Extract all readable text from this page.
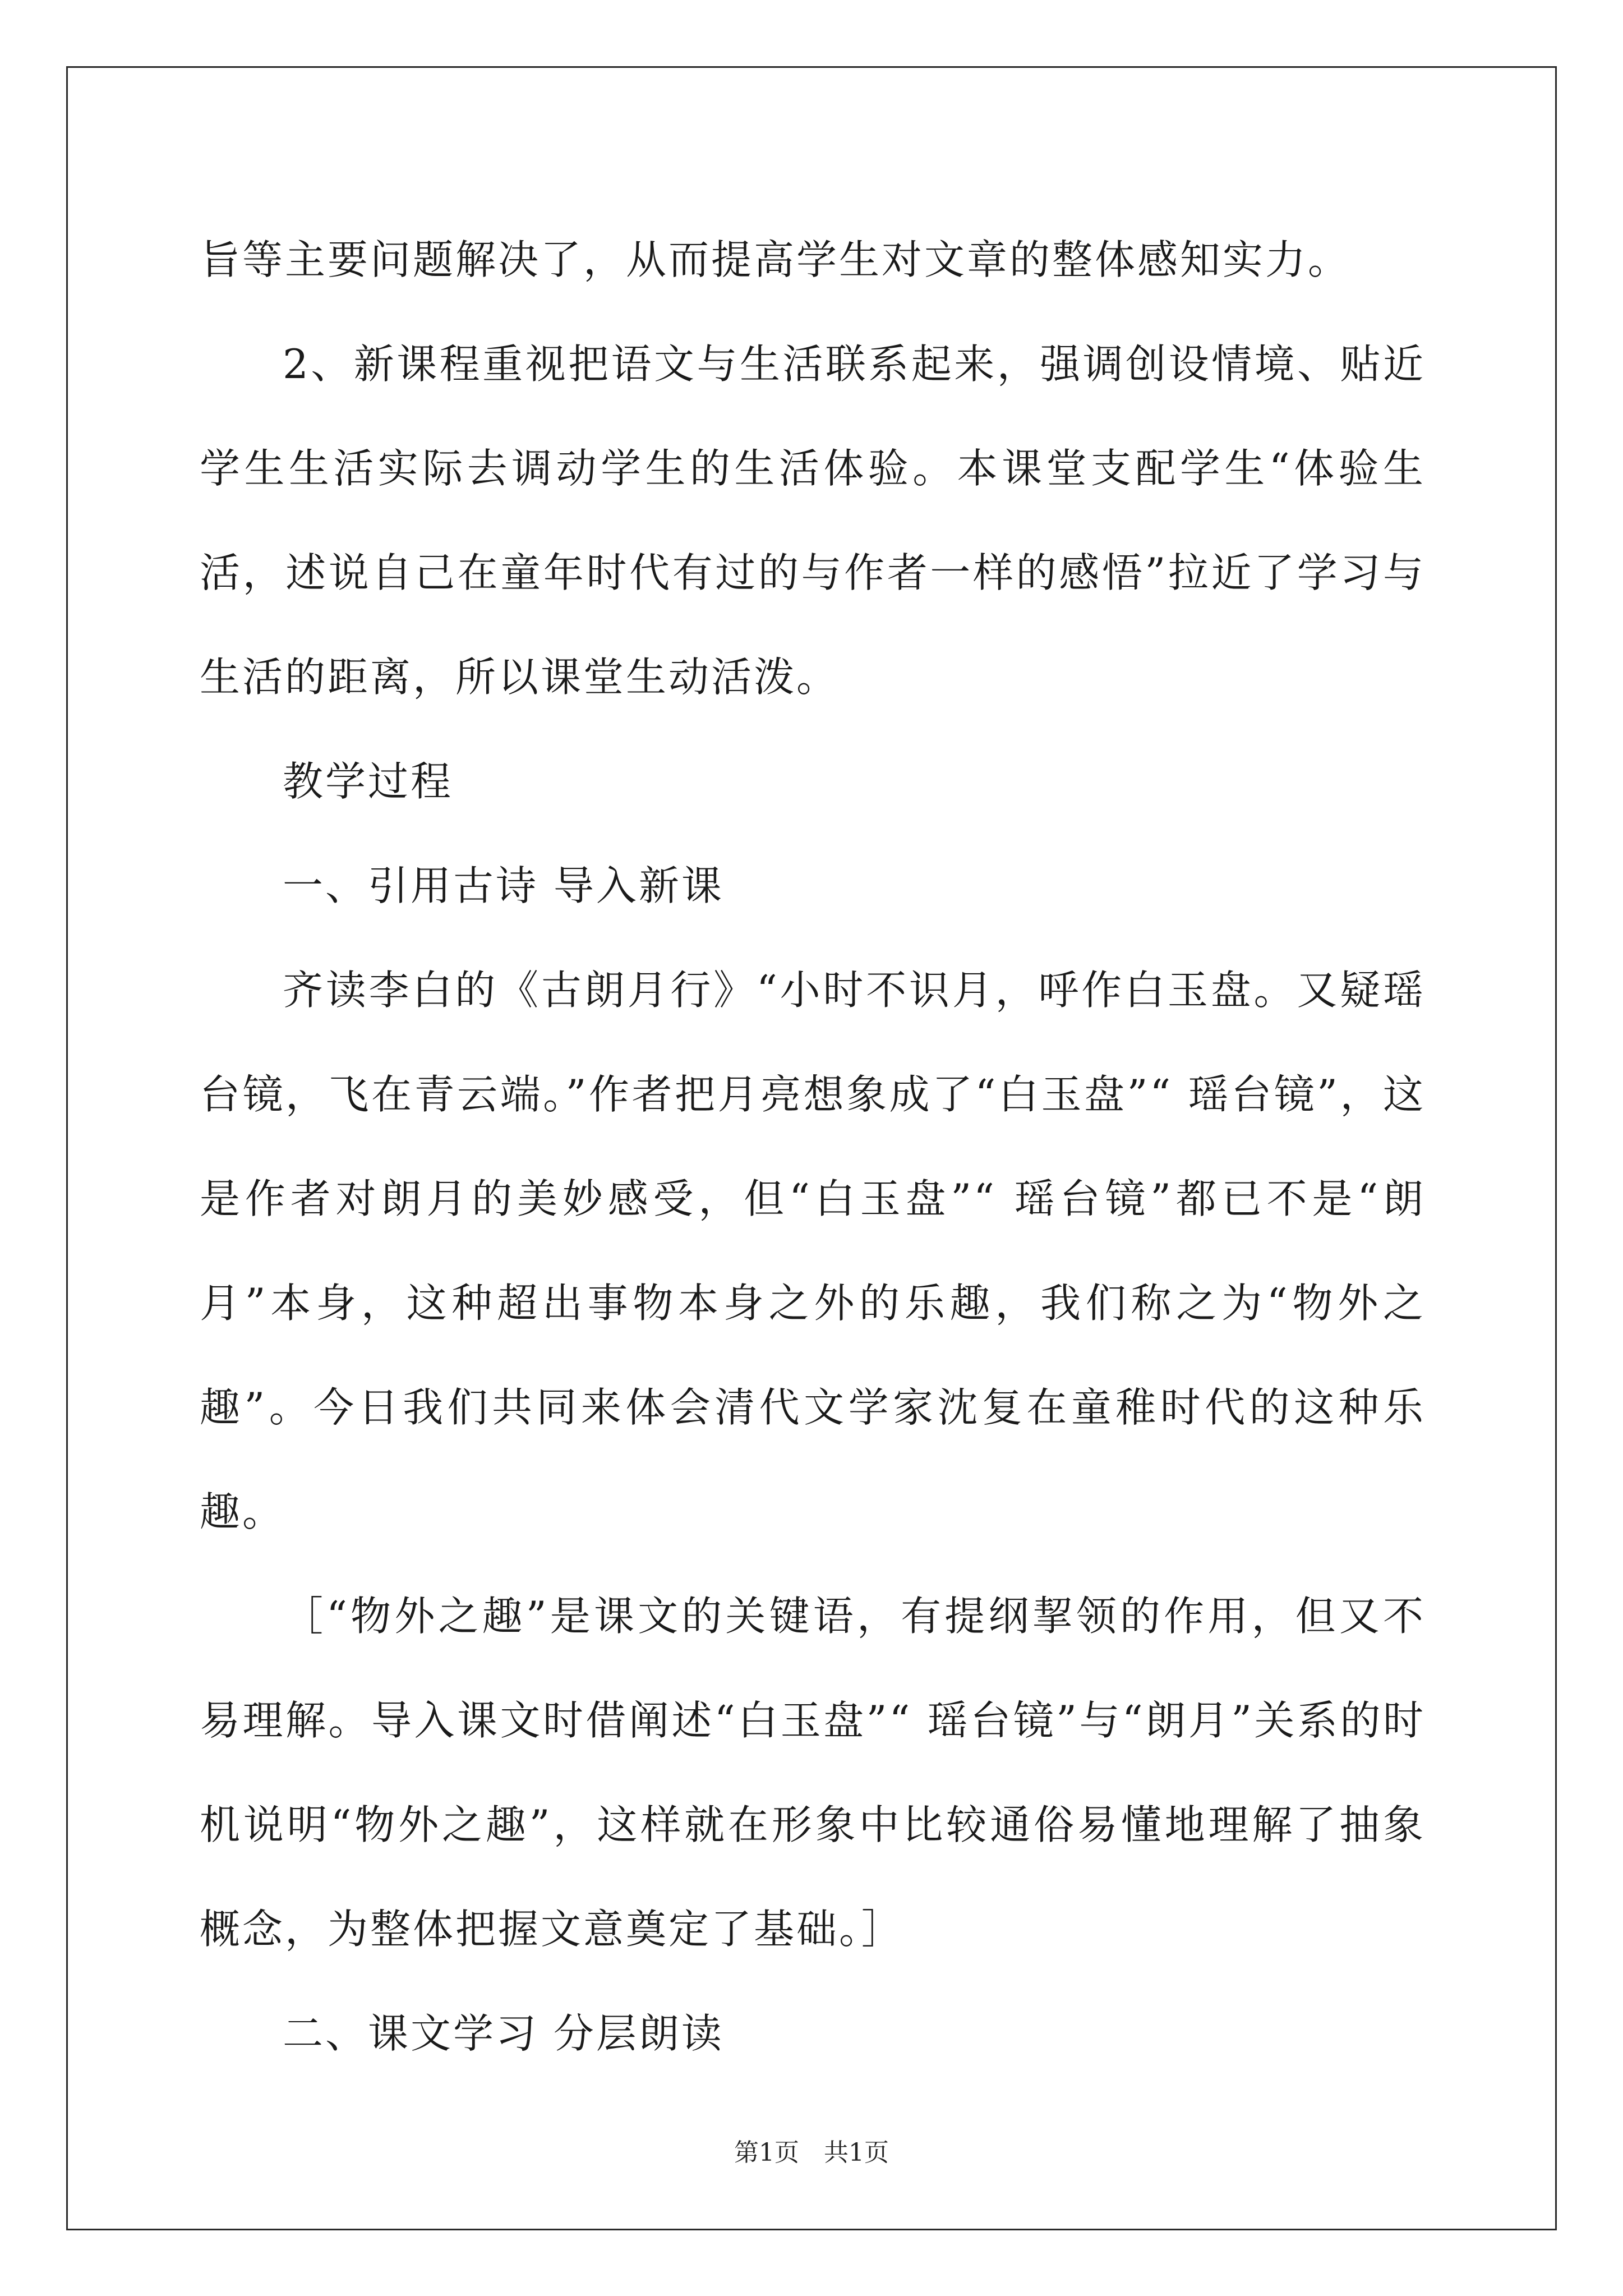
旨等主要问题解决了，从而提高学生对文章的整体感知实力。

2、新课程重视把语文与生活联系起来，强调创设情境、贴近学生生活实际去调动学生的生活体验。本课堂支配学生“体验生活，述说自己在童年时代有过的与作者一样的感悟”拉近了学习与生活的距离，所以课堂生动活泼。

教学过程

一、引用古诗 导入新课

齐读李白的《古朗月行》“小时不识月，呼作白玉盘。又疑瑶台镜，飞在青云端。”作者把月亮想象成了“白玉盘”“ 瑶台镜”，这是作者对朗月的美妙感受，但“白玉盘”“ 瑶台镜”都已不是“朗月”本身，这种超出事物本身之外的乐趣，我们称之为“物外之趣”。今日我们共同来体会清代文学家沈复在童稚时代的这种乐趣。

［“物外之趣”是课文的关键语，有提纲挈领的作用，但又不易理解。导入课文时借阐述“白玉盘”“ 瑶台镜”与“朗月”关系的时机说明“物外之趣”，这样就在形象中比较通俗易懂地理解了抽象概念，为整体把握文意奠定了基础。］

二、课文学习 分层朗读

第1页　共1页
